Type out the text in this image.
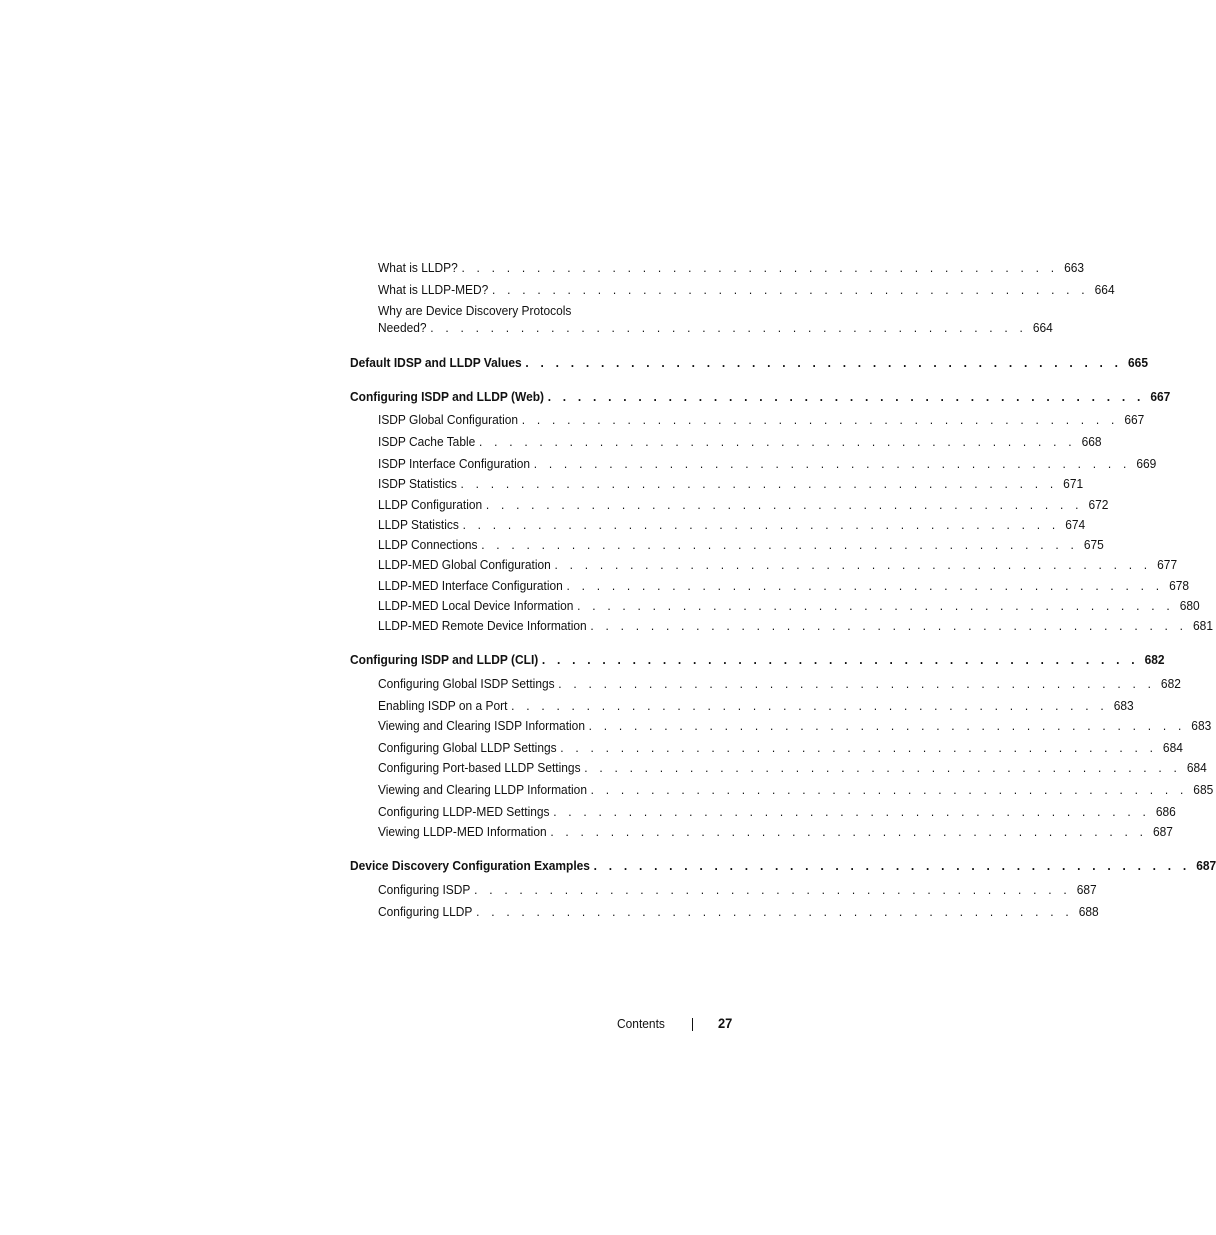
Why are Device Discovery Protocols
What is LLDP? . . . . . . . . . . . . . . . . . . . . . . . . . . . . . . . . . . . . . . . . 663
What is LLDP-MED? . . . . . . . . . . . . . . . . . . . . . . . . . . . . . . . . . . . . . . . . 664
Needed? . . . . . . . . . . . . . . . . . . . . . . . . . . . . . . . . . . . . . . . . 664
Default IDSP and LLDP Values . . . . . . . . . . . . . . . . . . . . . . . . . . . . . . . . . . . . . . . . 665
Configuring ISDP and LLDP (Web) . . . . . . . . . . . . . . . . . . . . . . . . . . . . . . . . . . . . . . . . 667
ISDP Global Configuration . . . . . . . . . . . . . . . . . . . . . . . . . . . . . . . . . . . . . . . . 667
ISDP Cache Table . . . . . . . . . . . . . . . . . . . . . . . . . . . . . . . . . . . . . . . . 668
ISDP Interface Configuration . . . . . . . . . . . . . . . . . . . . . . . . . . . . . . . . . . . . . . . . 669
ISDP Statistics . . . . . . . . . . . . . . . . . . . . . . . . . . . . . . . . . . . . . . . . 671
LLDP Configuration . . . . . . . . . . . . . . . . . . . . . . . . . . . . . . . . . . . . . . . . 672
LLDP Statistics . . . . . . . . . . . . . . . . . . . . . . . . . . . . . . . . . . . . . . . . 674
LLDP Connections . . . . . . . . . . . . . . . . . . . . . . . . . . . . . . . . . . . . . . . . 675
LLDP-MED Global Configuration . . . . . . . . . . . . . . . . . . . . . . . . . . . . . . . . . . . . . . . . 677
LLDP-MED Interface Configuration . . . . . . . . . . . . . . . . . . . . . . . . . . . . . . . . . . . . . . . . 678
LLDP-MED Local Device Information . . . . . . . . . . . . . . . . . . . . . . . . . . . . . . . . . . . . . . . . 680
LLDP-MED Remote Device Information . . . . . . . . . . . . . . . . . . . . . . . . . . . . . . . . . . . . . . . . 681
Configuring ISDP and LLDP (CLI) . . . . . . . . . . . . . . . . . . . . . . . . . . . . . . . . . . . . . . . . 682
Configuring Global ISDP Settings . . . . . . . . . . . . . . . . . . . . . . . . . . . . . . . . . . . . . . . . 682
Enabling ISDP on a Port . . . . . . . . . . . . . . . . . . . . . . . . . . . . . . . . . . . . . . . . 683
Viewing and Clearing ISDP Information . . . . . . . . . . . . . . . . . . . . . . . . . . . . . . . . . . . . . . . . 683
Configuring Global LLDP Settings . . . . . . . . . . . . . . . . . . . . . . . . . . . . . . . . . . . . . . . . 684
Configuring Port-based LLDP Settings . . . . . . . . . . . . . . . . . . . . . . . . . . . . . . . . . . . . . . . . 684
Viewing and Clearing LLDP Information . . . . . . . . . . . . . . . . . . . . . . . . . . . . . . . . . . . . . . . . 685
Configuring LLDP-MED Settings . . . . . . . . . . . . . . . . . . . . . . . . . . . . . . . . . . . . . . . . 686
Viewing LLDP-MED Information . . . . . . . . . . . . . . . . . . . . . . . . . . . . . . . . . . . . . . . . 687
Device Discovery Configuration Examples . . . . . . . . . . . . . . . . . . . . . . . . . . . . . . . . . . . . . . . . 687
Configuring ISDP . . . . . . . . . . . . . . . . . . . . . . . . . . . . . . . . . . . . . . . . 687
Configuring LLDP . . . . . . . . . . . . . . . . . . . . . . . . . . . . . . . . . . . . . . . . 688
Contents	27
